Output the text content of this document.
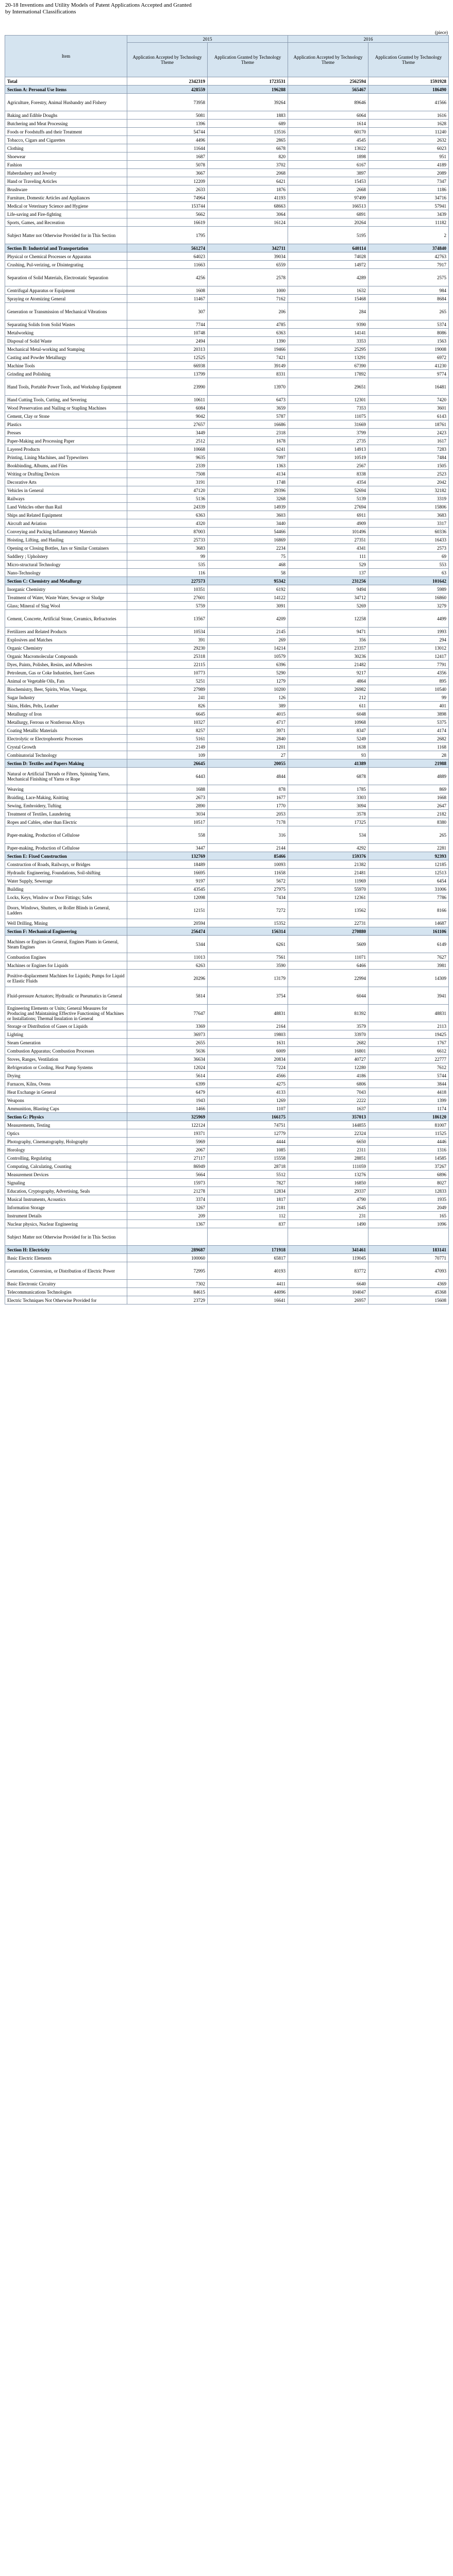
20-18 Inventions and Utility Models of Patent Applications Accepted and Granted
by International Classifications
(piece)
Item	2015		2016	
	Application Accepted by Technology Theme	Application Granted by Technology Theme	Application Accepted by Technology Theme	Application Granted by Technology Theme
Total	2342319	1723531	2562594	1591928
Section A: Personal Use Items	428559	196288	565467	186490
Agriculture, Forestry, Animal Husbandry and Fishery	73958	39264	89646	41566
Baking and Edible Doughs	5081	1883	6064	1616
Butchering and Meat Processing	1396	689	1614	1628
Foods or Foodstuffs and their Treatment	54744	13516	60170	11240
Tobacco, Cigars and Cigarettes	4496	2865	4545	2632
Clothing	11644	6678	13022	6023
Shoewear	1687	820	1898	951
Fashion	5078	3702	6167	4189
Haberdashery and Jewelry	3667	2068	3897	2089
Hand or Traveling Articles	12209	6421	15453	7347
Brushware	2633	1876	2668	1186
Furniture, Domestic Articles and Appliances	74964	41193	97499	34716
Medical or Veterinary Science and Hygiene	153744	68663	166513	57941
Life-saving and Fire-fighting	5662	3064	6891	3439
Sports, Games, and Recreation	16619	16124	20264	11182
Subject Matter not Otherwise Provided for in This Section	1795		5195	2
Section B: Industrial and Transportation	561274	342711	640114	374840
Physical or Chemical Processes or Apparatus	64023	39034	74028	42763
Crushing, Pul-verizing, or Disintegrating	11663	6559	14972	7917
Separation of Solid Materials, Electrostatic Separation	4256	2578	4289	2575
Centrifugal Apparatus or Equipment	1608	1000	1632	984
Spraying or Atomizing General	11467	7162	15468	8684
Generation or Transmission of Mechanical Vibrations	307	206	284	265
Separating Solids from Solid Wastes	7744	4785	9390	5374
Metalworking	10748	6363	14141	8086
Disposal of Solid Waste	2494	1390	3353	1563
Mechanical Metal-working and Stamping	20313	19466	25295	19008
Casting and Powder Metallurgy	12525	7421	13291	6972
Machine Tools	66938	39149	67390	41230
Grinding and Polishing	13799	8331	17892	9774
Hand Tools, Portable Power Tools, and Workshop Equipment	23990	13970	29651	16481
Hand Cutting Tools, Cutting, and Severing	10611	6473	12301	7420
Wood Preservation and Nailing or Stapling Machines	6084	3659	7353	3601
Cement, Clay or Stone	9042	5787	11075	6143
Plastics	27657	16686	31669	18761
Presses	3449	2318	3799	2423
Paper-Making and Processing Paper	2512	1678	2735	1617
Layered Products	10668	6241	14913	7283
Printing, Lining Machines, and Typewriters	9635	7097	10519	7484
Bookbinding, Albums, and Files	2339	1363	2567	1505
Writing or Drafting Devices	7508	4134	8338	2523
Decorative Arts	3191	1748	4354	2042
Vehicles in General	47120	29396	52694	32182
Railways	5136	3268	5139	3319
Land Vehicles other than Rail	24339	14939	27694	15806
Ships and Related Equipment	6363	3603	6911	3683
Aircraft and Aviation	4320	3440	4909	3317
Conveying and Packing Inflammatory Materials	87003	54466	101496	60336
Hoisting, Lifting, and Hauling	25733	16869	27351	16433
Opening or Closing Bottles, Jars or Similar Containers	3683	2234	4341	2573
Saddlery ; Upholstery	99	75	111	69
Micro-structural Technology	535	468	529	553
Nano-Technology	116	58	137	63
Section C: Chemistry and Metallurgy	227573	95342	231256	101642
Inorganic Chemistry	10351	6192	9494	5989
Treatment of Water, Waste Water, Sewage or Sludge	27601	14122	34712	16860
Glass; Mineral of Slag Wool	5759	3091	5269	3279
Cement, Concrete, Artificial Stone, Ceramics, Refractories	13567	4209	12258	4499
Fertilizers and Related Products	10534	2145	9471	1993
Explosives and Matches	391	269	356	294
Organic Chemistry	29230	14214	23357	13012
Organic Macromolecular Compounds	25318	10579	30236	12417
Dyes, Paints, Polishes, Resins, and Adhesives	22115	6396	21482	7791
Petroleum, Gas or Coke Industries, Inert Gases	10773	5290	9217	4356
Animal or Vegetable Oils, Fats	5251	1279	4864	895
Biochemistry, Beer, Spirits, Wine, Vinegar,	27989	10200	26982	10540
Sugar Industry	241	126	212	99
Skins, Hides, Pelts, Leather	826	389	611	401
Metallurgy of Iron	6645	4015	6048	3898
Metallurgy, Ferrous or Nonferrous Alloys	10327	4717	10968	5375
Coating Metallic Materials	8257	3971	8347	4174
Electrolytic or Electrophoretic Processes	5161	2840	5249	2682
Crystal Growth	2149	1201	1638	1168
Combinatorial Technology	109	27	93	28
Section D: Textiles and Papers Making	26645	20055	41389	21988
Natural or Artificial Threads or Fibres, Spinning Yarns, Mechanical Finishing of Yarns or Rope	6443	4844	6878	4889
Weaving	1688	878	1785	869
Braiding, Lace-Making, Knitting	2673	1677	3303	1668
Sewing, Embroidery, Tufting	2890	1770	3094	2647
Treatment of Textiles, Laundering	3034	2053	3578	2182
Ropes and Cables, other than Electric	10517	7178	17325	8380
Paper-making, Production of Cellulose	558	316	534	265
Paper-making, Production of Cellulose	3447	2144	4292	2281
Section E: Fixed Construction	132769	85466	159376	92393
Construction of Roads, Railways, or Bridges	18489	10093	21382	12185
Hydraulic Engineering, Foundations, Soil-shifting	16695	11658	21481	12513
Water Supply, Sewerage	9197	5672	11969	6454
Building	43545	27975	55970	31006
Locks, Keys, Window or Door Fittings; Safes	12098	7434	12361	7786
Doors, Windows, Shutters, or Roller Blinds in General, Ladders	12151	7272	13562	8166
Well Drilling, Mining	20594	15352	22731	14687
Section F: Mechanical Engineering	256474	156314	270880	161106
Machines or Engines in General, Engines Plants in General, Steam Engines	5344	6261	5609	6149
Combustion Engines	11013	7561	11071	7627
Machines or Engines for Liquids	6263	3590	6466	3981
Positive-displacement Machines for Liquids; Pumps for Liquid or Elastic Fluids	20296	13179	22994	14309
Fluid-pressure Actuators; Hydraulic or Pneumatics in General	5814	3754	6044	3941
Engineering Elements or Units; General Measures for Producing and Maintaining Effective Functioning of Machines or Installations; Thermal Insulation in General	77647	48831	81392	48831
Storage or Distribution of Gases or Liquids	3369	2164	3579	2113
Lighting	36973	19803	33970	19425
Steam Generation	2655	1631	2682	1767
Combustion Apparatus; Combustion Processes	5636	6009	16801	6612
Stoves, Ranges, Ventilation	36634	20834	40727	22777
Refrigeration or Cooling, Heat Pump Systems	12024	7224	12280	7612
Drying	5614	4566	4186	5744
Furnaces, Kilns, Ovens	6399	4275	6806	3844
Heat Exchange in General	6479	4133	7043	4418
Weapons	1943	1269	2222	1399
Ammunition, Blasting Caps	1466	1107	1637	1174
Section G: Physics	325969	166175	357013	186120
Measurements, Testing	122124	74751	144855	81007
Optics	19371	12779	22324	11525
Photography, Cinematography, Holography	5969	4444	6650	4446
Horology	2067	1085	2311	1316
Controlling, Regulating	27117	15558	28851	14585
Computing, Calculating, Counting	86949	28718	111059	37267
Measurement Devices	5664	5512	13276	6896
Signaling	15973	7827	16850	8027
Education, Cryptography, Advertising, Seals	21278	12834	29337	12833
Musical Instruments, Acoustics	3374	1817	4790	1935
Information Storage	3267	2181	2645	2049
Instrument Details	209	112	231	165
Nuclear physics, Nuclear Engineering	1367	837	1490	1096
Subject Matter not Otherwise Provided for in This Section				
Section H: Electricity	289687	171918	341461	183141
Basic Electric Elements	100060	65817	119045	70771
Generation, Conversion, or Distribution of Electric Power	72995	40193	83772	47093
Basic Electronic Circuitry	7302	4411	6640	4369
Telecommunications Technologies	84615	44096	104047	45368
Electric Techniques Not Otherwise Provided for	23729	16641	26957	15608
